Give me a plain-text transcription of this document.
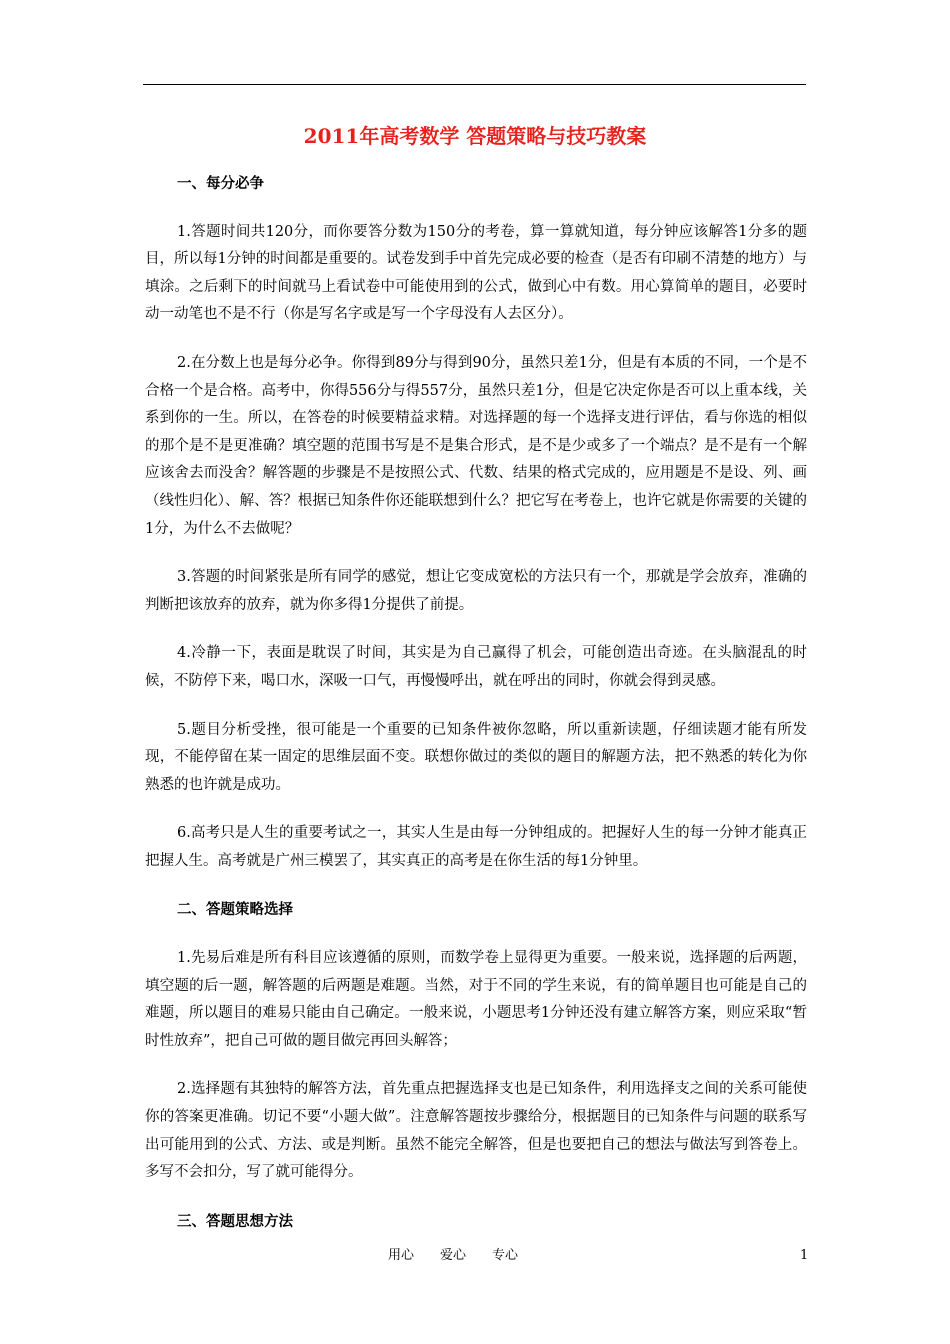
2011年高考数学 答题策略与技巧教案
一、每分必争

1.答题时间共120分，而你要答分数为150分的考卷，算一算就知道，每分钟应该解答1分多的题目，所以每1分钟的时间都是重要的。试卷发到手中首先完成必要的检查（是否有印刷不清楚的地方）与填涂。之后剩下的时间就马上看试卷中可能使用到的公式，做到心中有数。用心算简单的题目，必要时动一动笔也不是不行（你是写名字或是写一个字母没有人去区分）。

2.在分数上也是每分必争。你得到89分与得到90分，虽然只差1分，但是有本质的不同，一个是不合格一个是合格。高考中，你得556分与得557分，虽然只差1分，但是它决定你是否可以上重本线，关系到你的一生。所以，在答卷的时候要精益求精。对选择题的每一个选择支进行评估，看与你选的相似的那个是不是更准确？填空题的范围书写是不是集合形式，是不是少或多了一个端点？是不是有一个解应该舍去而没舍？解答题的步骤是不是按照公式、代数、结果的格式完成的，应用题是不是设、列、画（线性归化）、解、答？根据已知条件你还能联想到什么？把它写在考卷上，也许它就是你需要的关键的1分，为什么不去做呢？

3.答题的时间紧张是所有同学的感觉，想让它变成宽松的方法只有一个，那就是学会放弃，准确的判断把该放弃的放弃，就为你多得1分提供了前提。

4.冷静一下，表面是耽误了时间，其实是为自己赢得了机会，可能创造出奇迹。在头脑混乱的时候，不防停下来，喝口水，深吸一口气，再慢慢呼出，就在呼出的同时，你就会得到灵感。

5.题目分析受挫，很可能是一个重要的已知条件被你忽略，所以重新读题，仔细读题才能有所发现，不能停留在某一固定的思维层面不变。联想你做过的类似的题目的解题方法，把不熟悉的转化为你熟悉的也许就是成功。

6.高考只是人生的重要考试之一，其实人生是由每一分钟组成的。把握好人生的每一分钟才能真正把握人生。高考就是广州三模罢了，其实真正的高考是在你生活的每1分钟里。

二、答题策略选择

1.先易后难是所有科目应该遵循的原则，而数学卷上显得更为重要。一般来说，选择题的后两题，填空题的后一题，解答题的后两题是难题。当然，对于不同的学生来说，有的简单题目也可能是自己的难题，所以题目的难易只能由自己确定。一般来说，小题思考1分钟还没有建立解答方案，则应采取“暂时性放弃”，把自己可做的题目做完再回头解答；

2.选择题有其独特的解答方法，首先重点把握选择支也是已知条件，利用选择支之间的关系可能使你的答案更准确。切记不要“小题大做”。注意解答题按步骤给分，根据题目的已知条件与问题的联系写出可能用到的公式、方法、或是判断。虽然不能完全解答，但是也要把自己的想法与做法写到答卷上。多写不会扣分，写了就可能得分。

三、答题思想方法
用心 爱心 专心	1
